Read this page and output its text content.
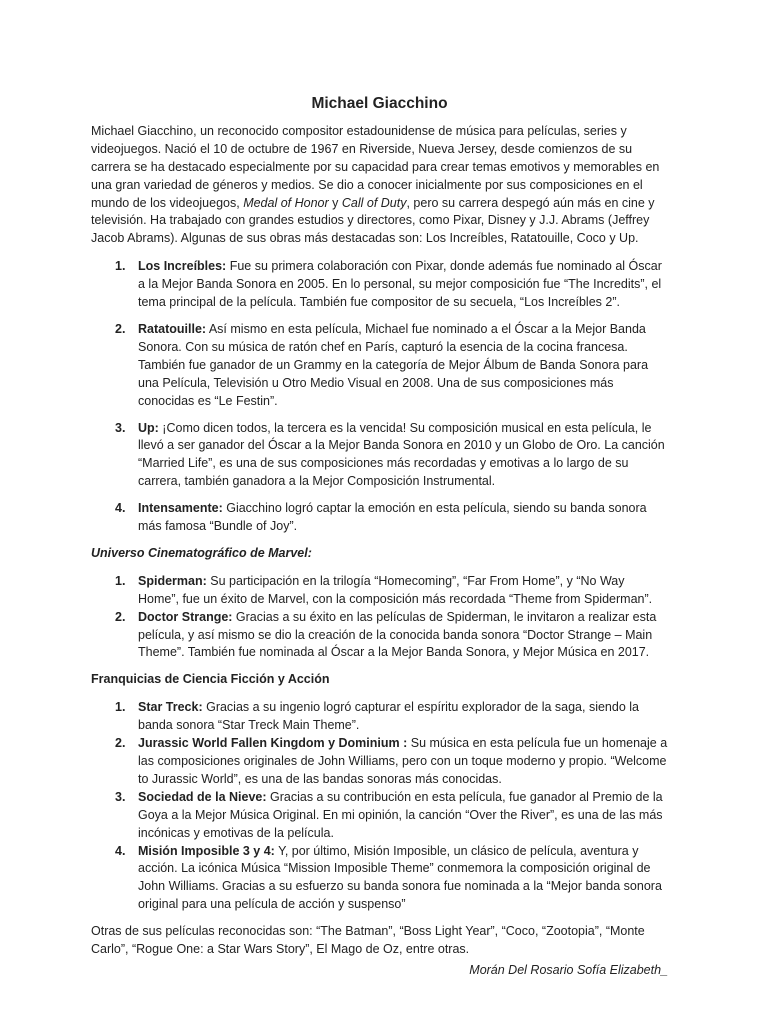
Michael Giacchino

Michael Giacchino, un reconocido compositor estadounidense de música para películas, series y videojuegos. Nació el 10 de octubre de 1967 en Riverside, Nueva Jersey, desde comienzos de su carrera se ha destacado especialmente por su capacidad para crear temas emotivos y memorables en una gran variedad de géneros y medios. Se dio a conocer inicialmente por sus composiciones en el mundo de los videojuegos, Medal of Honor y Call of Duty, pero su carrera despegó aún más en cine y televisión. Ha trabajado con grandes estudios y directores, como Pixar, Disney y J.J. Abrams (Jeffrey Jacob Abrams). Algunas de sus obras más destacadas son: Los Increíbles, Ratatouille, Coco y Up.

1. Los Increíbles: Fue su primera colaboración con Pixar, donde además fue nominado al Óscar a la Mejor Banda Sonora en 2005. En lo personal, su mejor composición fue “The Incredits”, el tema principal de la película. También fue compositor de su secuela, “Los Increíbles 2”.
2. Ratatouille: Así mismo en esta película, Michael fue nominado a el Óscar a la Mejor Banda Sonora. Con su música de ratón chef en París, capturó la esencia de la cocina francesa. También fue ganador de un Grammy en la categoría de Mejor Álbum de Banda Sonora para una Película, Televisión u Otro Medio Visual en 2008. Una de sus composiciones más conocidas es “Le Festin”.
3. Up: ¡Como dicen todos, la tercera es la vencida! Su composición musical en esta película, le llevó a ser ganador del Óscar a la Mejor Banda Sonora en 2010 y un Globo de Oro. La canción “Married Life”, es una de sus composiciones más recordadas y emotivas a lo largo de su carrera, también ganadora a la Mejor Composición Instrumental.
4. Intensamente: Giacchino logró captar la emoción en esta película, siendo su banda sonora más famosa “Bundle of Joy”.

Universo Cinematográfico de Marvel:

1. Spiderman: Su participación en la trilogía “Homecoming”, “Far From Home”, y “No Way Home”, fue un éxito de Marvel, con la composición más recordada “Theme from Spiderman”.
2. Doctor Strange: Gracias a su éxito en las películas de Spiderman, le invitaron a realizar esta película, y así mismo se dio la creación de la conocida banda sonora “Doctor Strange – Main Theme”. También fue nominada al Óscar a la Mejor Banda Sonora, y Mejor Música en 2017.

Franquicias de Ciencia Ficción y Acción

1. Star Treck: Gracias a su ingenio logró capturar el espíritu explorador de la saga, siendo la banda sonora “Star Treck Main Theme”.
2. Jurassic World Fallen Kingdom y Dominium : Su música en esta película fue un homenaje a las composiciones originales de John Williams, pero con un toque moderno y propio. “Welcome to Jurassic World”, es una de las bandas sonoras más conocidas.
3. Sociedad de la Nieve: Gracias a su contribución en esta película, fue ganador al Premio de la Goya a la Mejor Música Original. En mi opinión, la canción “Over the River”, es una de las más incónicas y emotivas de la película.
4. Misión Imposible 3 y 4: Y, por último, Misión Imposible, un clásico de película, aventura y acción. La icónica Música “Mission Imposible Theme” conmemora la composición original de John Williams. Gracias a su esfuerzo su banda sonora fue nominada a la “Mejor banda sonora original para una película de acción y suspenso”

Otras de sus películas reconocidas son: “The Batman”, “Boss Light Year”, “Coco, “Zootopia”, “Monte Carlo”, “Rogue One: a Star Wars Story”, El Mago de Oz, entre otras.

Morán Del Rosario Sofía Elizabeth_
